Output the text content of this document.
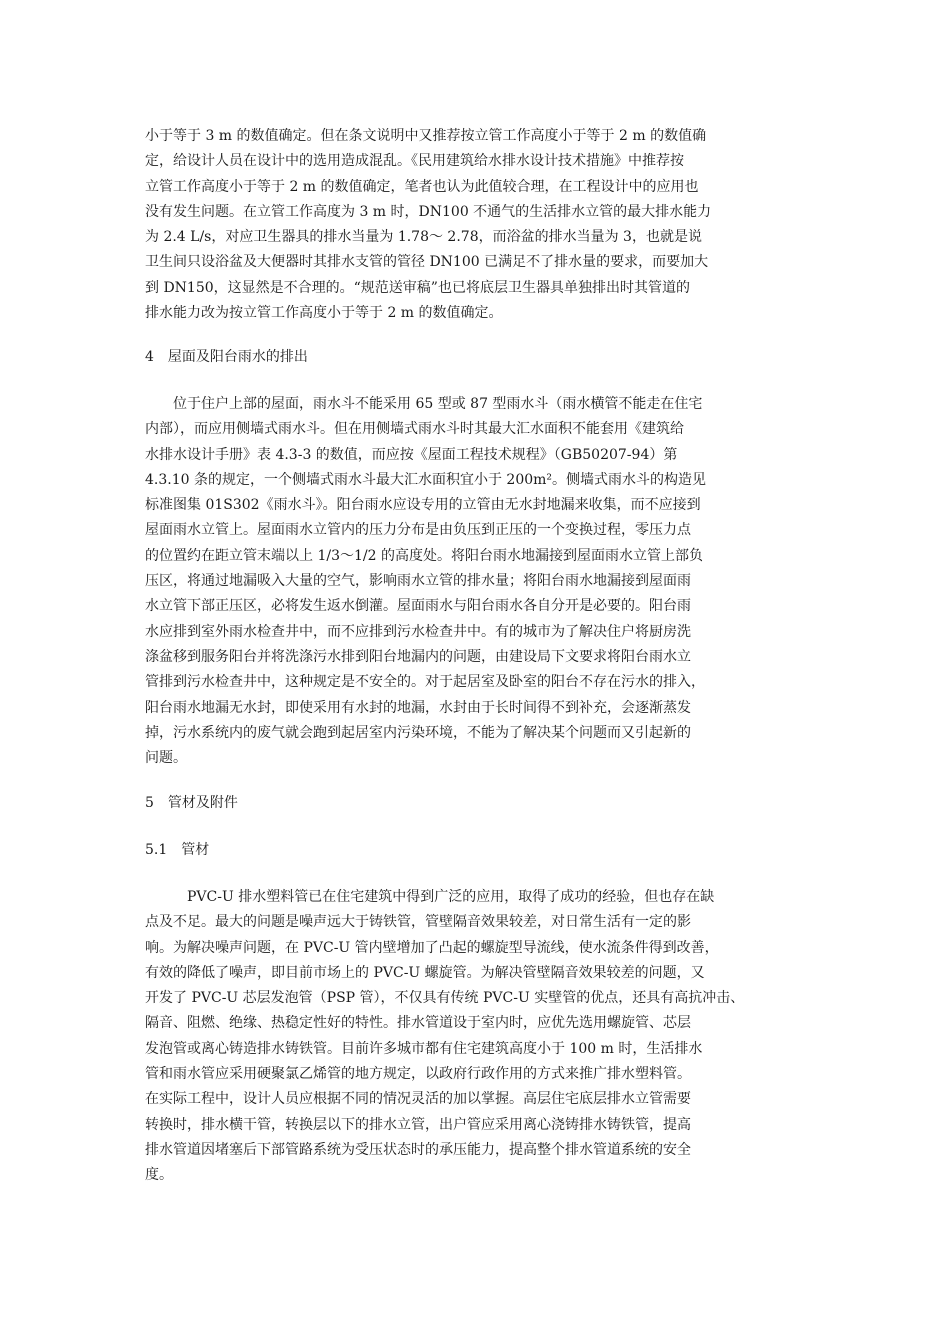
小于等于 3 m 的数值确定。但在条文说明中又推荐按立管工作高度小于等于 2 m 的数值确
定，给设计人员在设计中的选用造成混乱。《民用建筑给水排水设计技术措施》中推荐按
立管工作高度小于等于 2 m 的数值确定，笔者也认为此值较合理，在工程设计中的应用也
没有发生问题。在立管工作高度为 3 m 时，DN100 不通气的生活排水立管的最大排水能力
为 2.4 L/s，对应卫生器具的排水当量为 1.78～ 2.78，而浴盆的排水当量为 3，也就是说
卫生间只设浴盆及大便器时其排水支管的管径 DN100 已满足不了排水量的要求，而要加大
到 DN150，这显然是不合理的。“规范送审稿”也已将底层卫生器具单独排出时其管道的
排水能力改为按立管工作高度小于等于 2 m 的数值确定。
4　屋面及阳台雨水的排出
　　位于住户上部的屋面，雨水斗不能采用 65 型或 87 型雨水斗（雨水横管不能走在住宅
内部），而应用侧墙式雨水斗。但在用侧墙式雨水斗时其最大汇水面积不能套用《建筑给
水排水设计手册》表 4.3-3 的数值，而应按《屋面工程技术规程》（GB50207-94）第
4.3.10 条的规定，一个侧墙式雨水斗最大汇水面积宜小于 200m²。侧墙式雨水斗的构造见
标准图集 01S302《雨水斗》。阳台雨水应设专用的立管由无水封地漏来收集，而不应接到
屋面雨水立管上。屋面雨水立管内的压力分布是由负压到正压的一个变换过程，零压力点
的位置约在距立管末端以上 1/3～1/2 的高度处。将阳台雨水地漏接到屋面雨水立管上部负
压区，将通过地漏吸入大量的空气，影响雨水立管的排水量；将阳台雨水地漏接到屋面雨
水立管下部正压区，必将发生返水倒灌。屋面雨水与阳台雨水各自分开是必要的。阳台雨
水应排到室外雨水检查井中，而不应排到污水检查井中。有的城市为了解决住户将厨房洗
涤盆移到服务阳台并将洗涤污水排到阳台地漏内的问题，由建设局下文要求将阳台雨水立
管排到污水检查井中，这种规定是不安全的。对于起居室及卧室的阳台不存在污水的排入，
阳台雨水地漏无水封，即使采用有水封的地漏，水封由于长时间得不到补充，会逐渐蒸发
掉，污水系统内的废气就会跑到起居室内污染环境，不能为了解决某个问题而又引起新的
问题。
5　管材及附件
5.1　管材
　　　PVC-U 排水塑料管已在住宅建筑中得到广泛的应用，取得了成功的经验，但也存在缺
点及不足。最大的问题是噪声远大于铸铁管，管壁隔音效果较差，对日常生活有一定的影
响。为解决噪声问题，在 PVC-U 管内壁增加了凸起的螺旋型导流线，使水流条件得到改善，
有效的降低了噪声，即目前市场上的 PVC-U 螺旋管。为解决管壁隔音效果较差的问题，又
开发了 PVC-U 芯层发泡管（PSP 管），不仅具有传统 PVC-U 实壁管的优点，还具有高抗冲击、
隔音、阻燃、绝缘、热稳定性好的特性。排水管道设于室内时，应优先选用螺旋管、芯层
发泡管或离心铸造排水铸铁管。目前许多城市都有住宅建筑高度小于 100 m 时，生活排水
管和雨水管应采用硬聚氯乙烯管的地方规定，以政府行政作用的方式来推广排水塑料管。
在实际工程中，设计人员应根据不同的情况灵活的加以掌握。高层住宅底层排水立管需要
转换时，排水横干管，转换层以下的排水立管，出户管应采用离心浇铸排水铸铁管，提高
排水管道因堵塞后下部管路系统为受压状态时的承压能力，提高整个排水管道系统的安全
度。
